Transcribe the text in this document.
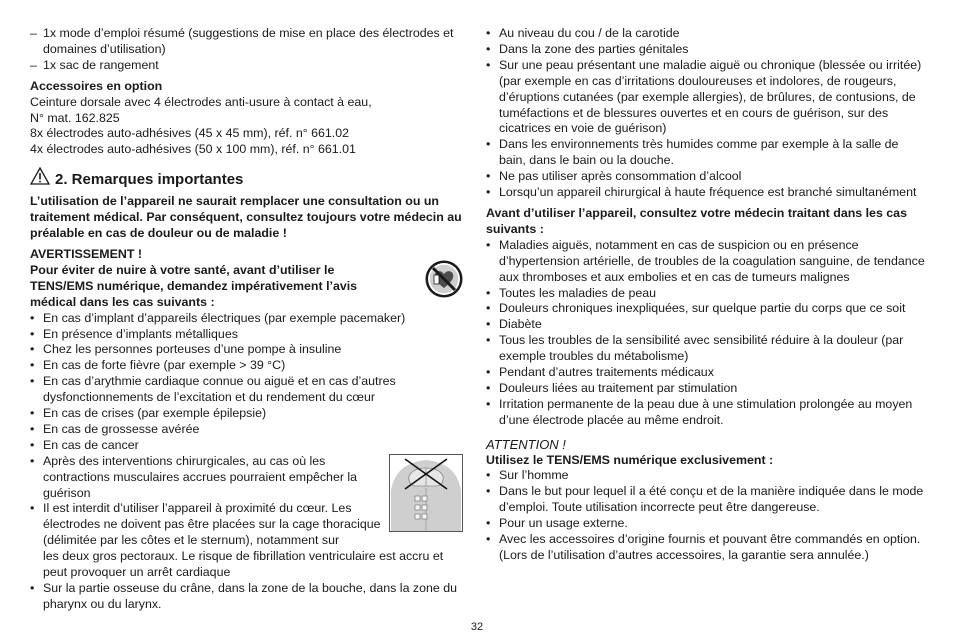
– 1x mode d’emploi résumé (suggestions de mise en place des électrodes et domaines d’utilisation)

– 1x sac de rangement

Accessoires en option

Ceinture dorsale avec 4 électrodes anti-usure à contact à eau,

N° mat. 162.825

8x électrodes auto-adhésives (45 x 45 mm), réf. n° 661.02

4x électrodes auto-adhésives (50 x 100 mm), réf. n° 661.01

2. Remarques importantes

L’utilisation de l’appareil ne saurait remplacer une consultation ou un traitement médical. Par conséquent, consultez toujours votre médecin au préalable en cas de douleur ou de maladie !

AVERTISSEMENT !

Pour éviter de nuire à votre santé, avant d’utiliser le TENS/EMS numérique, demandez impérativement l’avis médical dans les cas suivants :

• En cas d’implant d’appareils électriques (par exemple pacemaker)

• En présence d’implants métalliques

• Chez les personnes porteuses d’une pompe à insuline

• En cas de forte fièvre (par exemple > 39 °C)

• En cas d’arythmie cardiaque connue ou aiguë et en cas d’autres dysfonctionnements de l’excitation et du rendement du cœur

• En cas de crises (par exemple épilepsie)

• En cas de grossesse avérée

• En cas de cancer

• Après des interventions chirurgicales, au cas où les contractions musculaires accrues pourraient empêcher la guérison

• Il est interdit d’utiliser l’appareil à proximité du cœur. Les électrodes ne doivent pas être placées sur la cage thoracique (délimitée par les côtes et le sternum), notamment sur

les deux gros pectoraux. Le risque de fibrillation ventriculaire est accru et peut provoquer un arrêt cardiaque

• Sur la partie osseuse du crâne, dans la zone de la bouche, dans la zone du pharynx ou du larynx.

• Au niveau du cou / de la carotide

• Dans la zone des parties génitales

• Sur une peau présentant une maladie aiguë ou chronique (blessée ou irritée) (par exemple en cas d’irritations douloureuses et indolores, de rougeurs, d’éruptions cutanées (par exemple allergies), de brûlures, de contusions, de tuméfactions et de blessures ouvertes et en cours de guérison, sur des cicatrices en voie de guérison)

• Dans les environnements très humides comme par exemple à la salle de bain, dans le bain ou la douche.

• Ne pas utiliser après consommation d’alcool

• Lorsqu’un appareil chirurgical à haute fréquence est branché simultanément

Avant d’utiliser l’appareil, consultez votre médecin traitant dans les cas suivants :

• Maladies aiguës, notamment en cas de suspicion ou en présence d’hypertension artérielle, de troubles de la coagulation sanguine, de tendance aux thromboses et aux embolies et en cas de tumeurs malignes

• Toutes les maladies de peau

• Douleurs chroniques inexpliquées, sur quelque partie du corps que ce soit

• Diabète

• Tous les troubles de la sensibilité avec sensibilité réduire à la douleur (par exemple troubles du métabolisme)

• Pendant d’autres traitements médicaux

• Douleurs liées au traitement par stimulation

• Irritation permanente de la peau due à une stimulation prolongée au moyen d’une électrode placée au même endroit.

ATTENTION !

Utilisez le TENS/EMS numérique exclusivement :

• Sur l’homme

• Dans le but pour lequel il a été conçu et de la manière indiquée dans le mode d’emploi. Toute utilisation incorrecte peut être dangereuse.

• Pour un usage externe.

• Avec les accessoires d’origine fournis et pouvant être commandés en option. (Lors de l’utilisation d’autres accessoires, la garantie sera annulée.)

32
